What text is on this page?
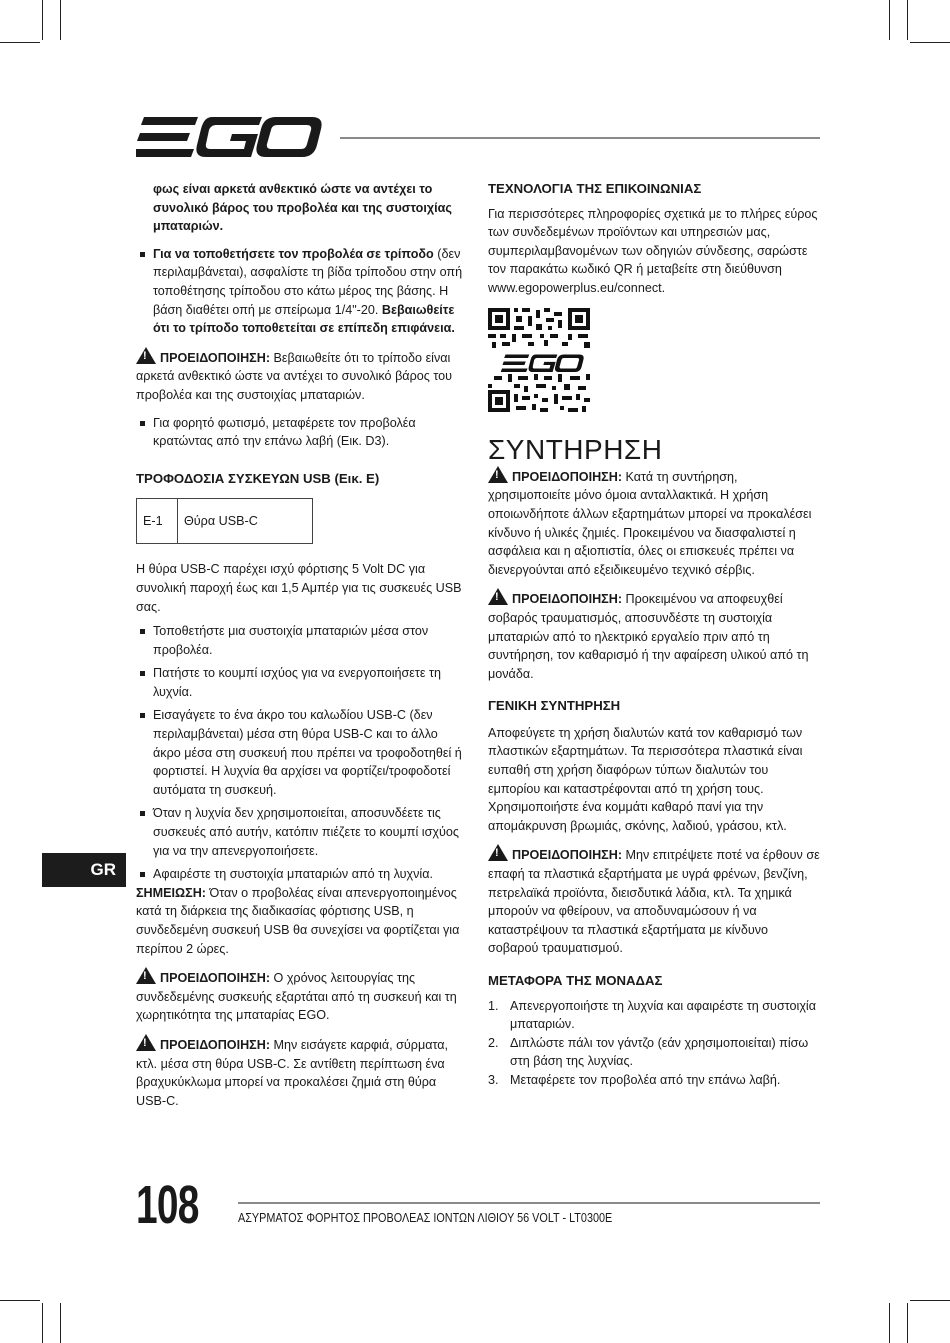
φως είναι αρκετά ανθεκτικό ώστε να αντέχει το συνολικό βάρος του προβολέα και της συστοιχίας μπαταριών.

Για να τοποθετήσετε τον προβολέα σε τρίποδο (δεν περιλαμβάνεται), ασφαλίστε τη βίδα τρίποδου στην οπή τοποθέτησης τρίποδου στο κάτω μέρος της βάσης. Η βάση διαθέτει οπή με σπείρωμα 1/4"-20. Βεβαιωθείτε ότι το τρίποδο τοποθετείται σε επίπεδη επιφάνεια.

!ΠΡΟΕΙΔΟΠΟΙΗΣΗ: Βεβαιωθείτε ότι το τρίποδο είναι αρκετά ανθεκτικό ώστε να αντέχει το συνολικό βάρος του προβολέα και της συστοιχίας μπαταριών.

Για φορητό φωτισμό, μεταφέρετε τον προβολέα κρατώντας από την επάνω λαβή (Εικ. D3).
ΤΡΟΦΟΔΟΣΙΑ ΣΥΣΚΕΥΩΝ USB (Εικ. E)
E-1	Θύρα USB-C

Η θύρα USB-C παρέχει ισχύ φόρτισης 5 Volt DC για συνολική παροχή έως και 1,5 Αμπέρ για τις συσκευές USB σας.

Τοποθετήστε μια συστοιχία μπαταριών μέσα στον προβολέα.
Πατήστε το κουμπί ισχύος για να ενεργοποιήσετε τη λυχνία.
Εισαγάγετε το ένα άκρο του καλωδίου USB-C (δεν περιλαμβάνεται) μέσα στη θύρα USB-C και το άλλο άκρο μέσα στη συσκευή που πρέπει να τροφοδοτηθεί ή φορτιστεί. Η λυχνία θα αρχίσει να φορτίζει/τροφοδοτεί αυτόματα τη συσκευή.
Όταν η λυχνία δεν χρησιμοποιείται, αποσυνδέετε τις συσκευές από αυτήν, κατόπιν πιέζετε το κουμπί ισχύος για να την απενεργοποιήσετε.
Αφαιρέστε τη συστοιχία μπαταριών από τη λυχνία.

ΣΗΜΕΙΩΣΗ: Όταν ο προβολέας είναι απενεργοποιημένος κατά τη διάρκεια της διαδικασίας φόρτισης USB, η συνδεδεμένη συσκευή USB θα συνεχίσει να φορτίζεται για περίπου 2 ώρες.

!ΠΡΟΕΙΔΟΠΟΙΗΣΗ: Ο χρόνος λειτουργίας της συνδεδεμένης συσκευής εξαρτάται από τη συσκευή και τη χωρητικότητα της μπαταρίας EGO.

!ΠΡΟΕΙΔΟΠΟΙΗΣΗ: Μην εισάγετε καρφιά, σύρματα, κτλ. μέσα στη θύρα USB-C. Σε αντίθετη περίπτωση ένα βραχυκύκλωμα μπορεί να προκαλέσει ζημιά στη θύρα USB-C.

ΤΕΧΝΟΛΟΓΙΑ ΤΗΣ ΕΠΙΚΟΙΝΩΝΙΑΣ

Για περισσότερες πληροφορίες σχετικά με το πλήρες εύρος των συνδεδεμένων προϊόντων και υπηρεσιών μας, συμπεριλαμβανομένων των οδηγιών σύνδεσης, σαρώστε τον παρακάτω κωδικό QR ή μεταβείτε στη διεύθυνση www.egopowerplus.eu/connect.

ΣΥΝΤΗΡΗΣΗ

!ΠΡΟΕΙΔΟΠΟΙΗΣΗ: Κατά τη συντήρηση, χρησιμοποιείτε μόνο όμοια ανταλλακτικά. Η χρήση οποιωνδήποτε άλλων εξαρτημάτων μπορεί να προκαλέσει κίνδυνο ή υλικές ζημιές. Προκειμένου να διασφαλιστεί η ασφάλεια και η αξιοπιστία, όλες οι επισκευές πρέπει να διενεργούνται από εξειδικευμένο τεχνικό σέρβις.

!ΠΡΟΕΙΔΟΠΟΙΗΣΗ: Προκειμένου να αποφευχθεί σοβαρός τραυματισμός, αποσυνδέστε τη συστοιχία μπαταριών από το ηλεκτρικό εργαλείο πριν από τη συντήρηση, τον καθαρισμό ή την αφαίρεση υλικού από τη μονάδα.

ΓΕΝΙΚΗ ΣΥΝΤΗΡΗΣΗ

Αποφεύγετε τη χρήση διαλυτών κατά τον καθαρισμό των πλαστικών εξαρτημάτων. Τα περισσότερα πλαστικά είναι ευπαθή στη χρήση διαφόρων τύπων διαλυτών του εμπορίου και καταστρέφονται από τη χρήση τους. Χρησιμοποιήστε ένα κομμάτι καθαρό πανί για την απομάκρυνση βρωμιάς, σκόνης, λαδιού, γράσου, κτλ.

!ΠΡΟΕΙΔΟΠΟΙΗΣΗ: Μην επιτρέψετε ποτέ να έρθουν σε επαφή τα πλαστικά εξαρτήματα με υγρά φρένων, βενζίνη, πετρελαϊκά προϊόντα, διεισδυτικά λάδια, κτλ. Τα χημικά μπορούν να φθείρουν, να αποδυναμώσουν ή να καταστρέψουν τα πλαστικά εξαρτήματα με κίνδυνο σοβαρού τραυματισμού.

ΜΕΤΑΦΟΡΑ ΤΗΣ ΜΟΝΑΔΑΣ
1. Απενεργοποιήστε τη λυχνία και αφαιρέστε τη συστοιχία μπαταριών.
2. Διπλώστε πάλι τον γάντζο (εάν χρησιμοποιείται) πίσω στη βάση της λυχνίας.
3. Μεταφέρετε τον προβολέα από την επάνω λαβή.
GR
108	ΑΣΥΡΜΑΤΟΣ ΦΟΡΗΤΟΣ ΠΡΟΒΟΛΕΑΣ ΙΟΝΤΩΝ ΛΙΘΙΟΥ 56 VOLT - LT0300E
